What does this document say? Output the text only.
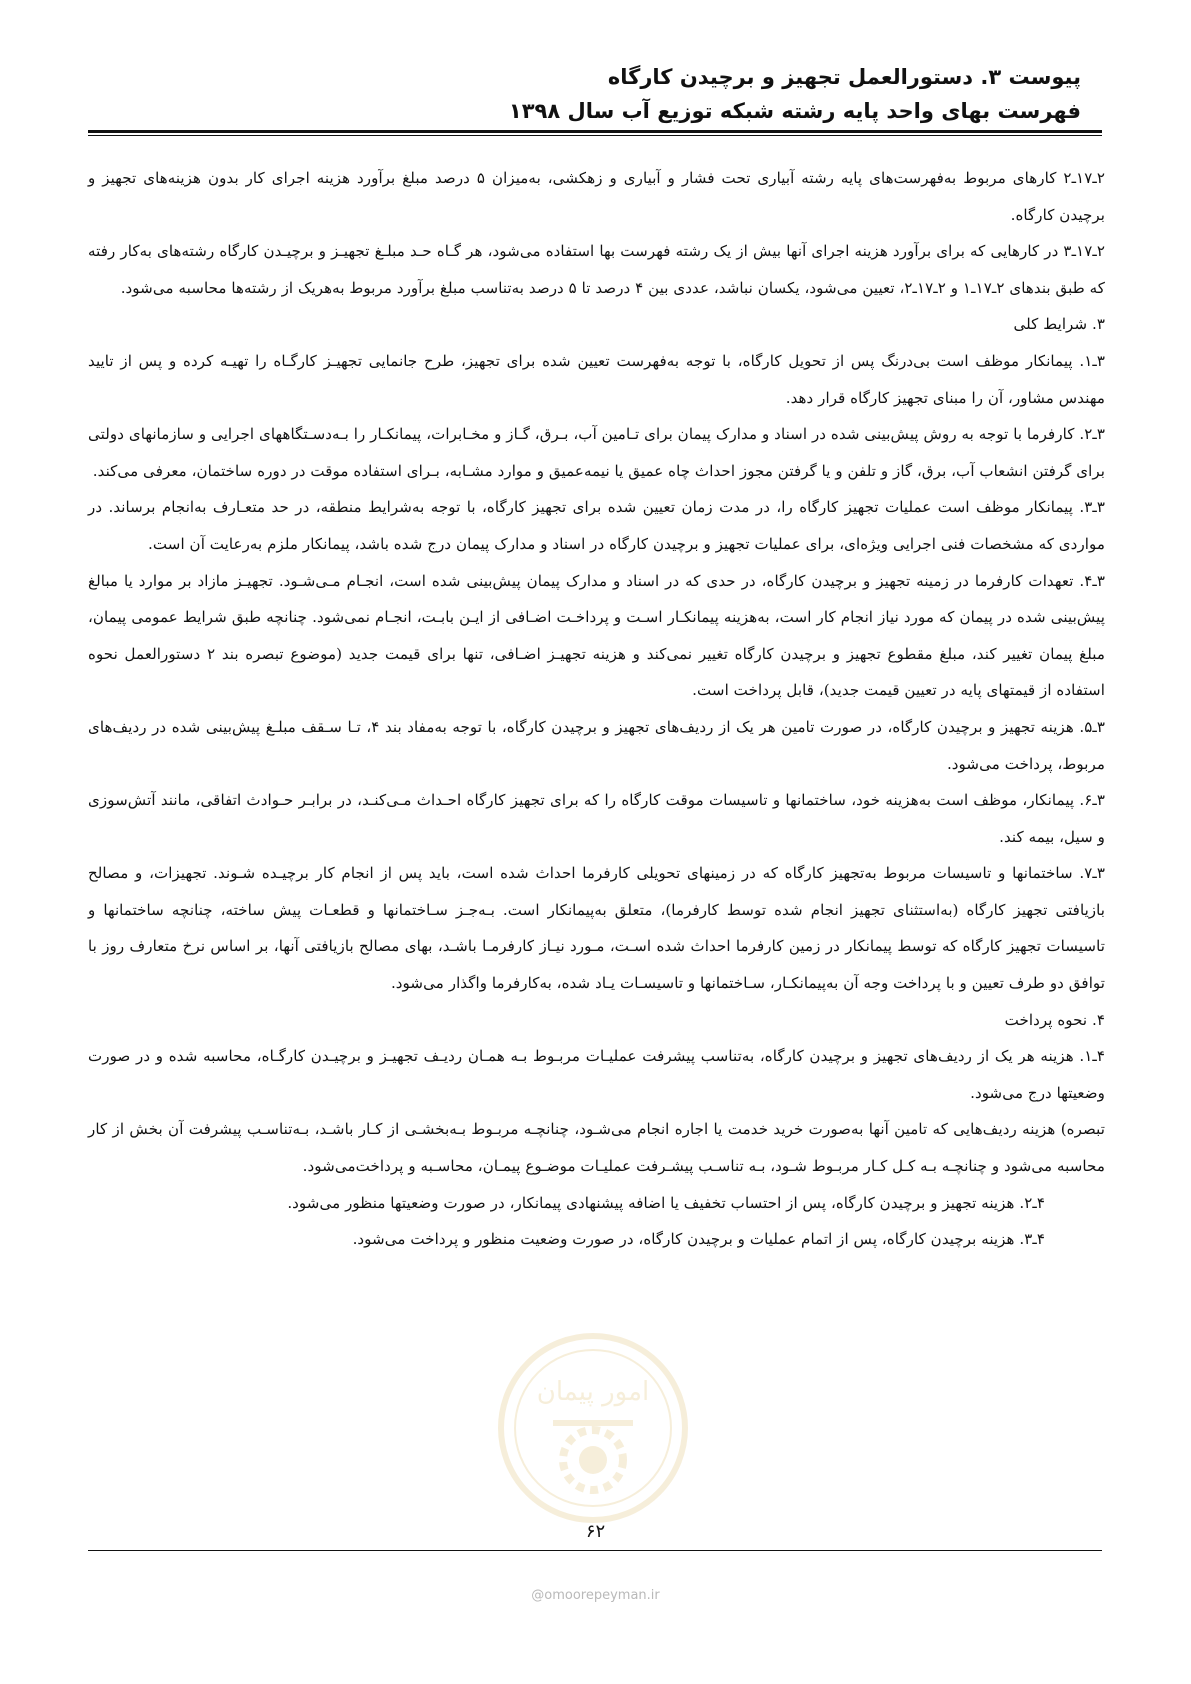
پیوست ۳. دستورالعمل تجهیز و برچیدن کارگاه
فهرست بهای واحد پایه رشته شبکه توزیع آب سال ۱۳۹۸

۲ـ۱۷ـ۲ کارهای مربوط به‌فهرست‌های پایه رشته آبیاری تحت فشار و آبیاری و زهکشی، به‌میزان ۵ درصد مبلغ برآورد هزینه اجرای کار بدون هزینه‌های تجهیز و برچیدن کارگاه.

۲ـ۱۷ـ۳ در کارهایی که برای برآورد هزینه اجرای آنها بیش از یک رشته فهرست بها استفاده می‌شود، هر گـاه حـد مبلـغ تجهیـز و برچیـدن کارگاه رشته‌های به‌کار رفته که طبق بندهای ۲ـ۱۷ـ۱ و ۲ـ۱۷ـ۲، تعیین می‌شود، یکسان نباشد، عددی بین ۴ درصد تا ۵ درصد به‌تناسب مبلغ برآورد مربوط به‌هریک از رشته‌ها محاسبه می‌شود.

۳. شرایط کلی

۳ـ۱. پیمانکار موظف است بی‌درنگ پس از تحویل کارگاه، با توجه به‌فهرست تعیین شده برای تجهیز، طرح جانمایی تجهیـز کارگـاه را تهیـه کرده و پس از تایید مهندس مشاور، آن را مبنای تجهیز کارگاه قرار دهد.

۳ـ۲. کارفرما با توجه به روش پیش‌بینی شده در اسناد و مدارک پیمان برای تـامین آب، بـرق، گـاز و مخـابرات، پیمانکـار را بـه‌دسـتگاههای اجرایی و سازمانهای دولتی برای گرفتن انشعاب آب، برق، گاز و تلفن و یا گرفتن مجوز احداث چاه عمیق یا نیمه‌عمیق و موارد مشـابه، بـرای استفاده موقت در دوره ساختمان، معرفی می‌کند.

۳ـ۳. پیمانکار موظف است عملیات تجهیز کارگاه را، در مدت زمان تعیین شده برای تجهیز کارگاه، با توجه به‌شرایط منطقه، در حد متعـارف به‌انجام برساند. در مواردی که مشخصات فنی اجرایی ویژه‌ای، برای عملیات تجهیز و برچیدن کارگاه در اسناد و مدارک پیمان درج شده باشد، پیمانکار ملزم به‌رعایت آن است.

۳ـ۴. تعهدات کارفرما در زمینه تجهیز و برچیدن کارگاه، در حدی که در اسناد و مدارک پیمان پیش‌بینی شده است، انجـام مـی‌شـود. تجهیـز مازاد بر موارد یا مبالغ پیش‌بینی شده در پیمان که مورد نیاز انجام کار است، به‌هزینه پیمانکـار اسـت و پرداخـت اضـافی از ایـن بابـت، انجـام نمی‌شود. چنانچه طبق شرایط عمومی پیمان، مبلغ پیمان تغییر کند، مبلغ مقطوع تجهیز و برچیدن کارگاه تغییر نمی‌کند و هزینه تجهیـز اضـافی، تنها برای قیمت جدید (موضوع تبصره بند ۲ دستورالعمل نحوه استفاده از قیمتهای پایه در تعیین قیمت جدید)، قابل پرداخت است.

۳ـ۵. هزینه تجهیز و برچیدن کارگاه، در صورت تامین هر یک از ردیف‌های تجهیز و برچیدن کارگاه، با توجه به‌مفاد بند ۴، تـا سـقف مبلـغ پیش‌بینی شده در ردیف‌های مربوط، پرداخت می‌شود.

۳ـ۶. پیمانکار، موظف است به‌هزینه خود، ساختمانها و تاسیسات موقت کارگاه را که برای تجهیز کارگاه احـداث مـی‌کنـد، در برابـر حـوادث اتفاقی، مانند آتش‌سوزی و سیل، بیمه کند.

۳ـ۷. ساختمانها و تاسیسات مربوط به‌تجهیز کارگاه که در زمینهای تحویلی کارفرما احداث شده است، باید پس از انجام کار برچیـده شـوند. تجهیزات، و مصالح بازیافتی تجهیز کارگاه (به‌استثنای تجهیز انجام شده توسط کارفرما)، متعلق به‌پیمانکار است. بـه‌جـز سـاختمانها و قطعـات پیش ساخته، چنانچه ساختمانها و تاسیسات تجهیز کارگاه که توسط پیمانکار در زمین کارفرما احداث شده اسـت، مـورد نیـاز کارفرمـا باشـد، بهای مصالح بازیافتی آنها، بر اساس نرخ متعارف روز با توافق دو طرف تعیین و با پرداخت وجه آن به‌پیمانکـار، سـاختمانها و تاسیسـات یـاد شده، به‌کارفرما واگذار می‌شود.

۴. نحوه پرداخت

۴ـ۱. هزینه هر یک از ردیف‌های تجهیز و برچیدن کارگاه، به‌تناسب پیشرفت عملیـات مربـوط بـه همـان ردیـف تجهیـز و برچیـدن کارگـاه، محاسبه شده و در صورت وضعیتها درج می‌شود.

تبصره) هزینه ردیف‌هایی که تامین آنها به‌صورت خرید خدمت یا اجاره انجام می‌شـود، چنانچـه مربـوط بـه‌بخشـی از کـار باشـد، بـه‌تناسـب پیشرفت آن بخش از کار محاسبه می‌شود و چنانچـه بـه کـل کـار مربـوط شـود، بـه تناسـب پیشـرفت عملیـات موضـوع پیمـان، محاسـبه و پرداخت‌می‌شود.

۴ـ۲. هزینه تجهیز و برچیدن کارگاه، پس از احتساب تخفیف یا اضافه پیشنهادی پیمانکار، در صورت وضعیتها منظور می‌شود.

۴ـ۳. هزینه برچیدن کارگاه، پس از اتمام عملیات و برچیدن کارگاه، در صورت وضعیت منظور و پرداخت می‌شود.

امور پیمان
۶۲
@omoorepeyman.ir
